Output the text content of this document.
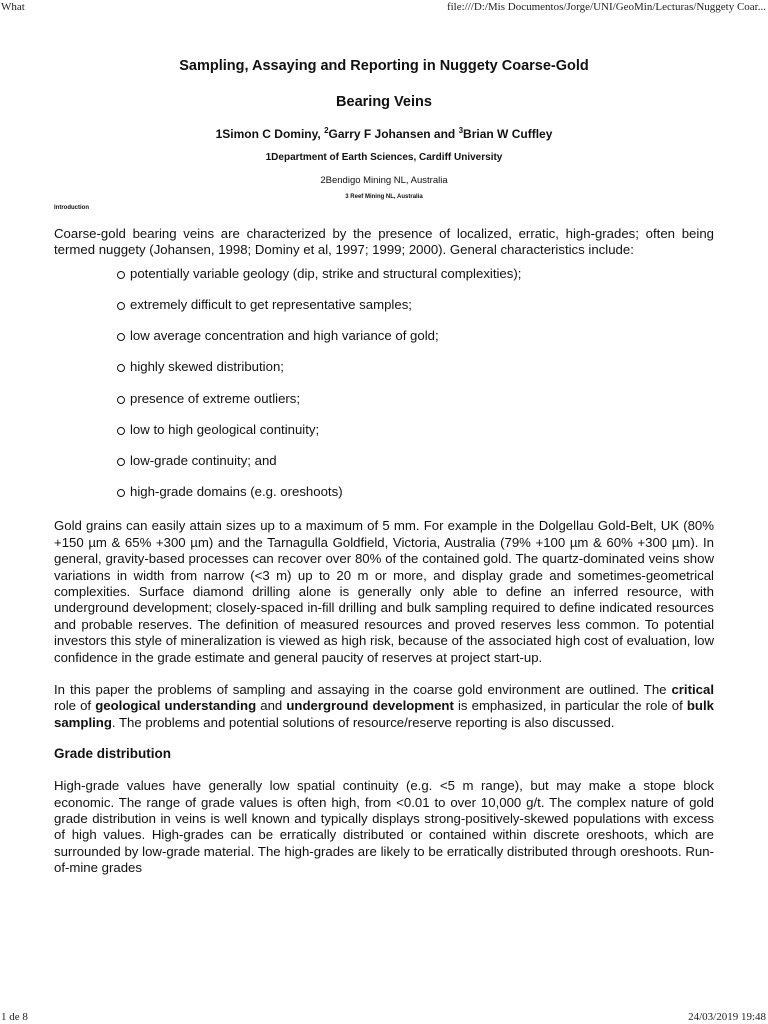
What	file:///D:/Mis Documentos/Jorge/UNI/GeoMin/Lecturas/Nuggety Coar...
Sampling, Assaying and Reporting in Nuggety Coarse-Gold
Bearing Veins
1Simon C Dominy, $^2$Garry F Johansen and $^3$Brian W Cuffley
1Department of Earth Sciences, Cardiff University
2Bendigo Mining NL, Australia
3 Reef Mining NL, Australia
Introduction

Coarse-gold bearing veins are characterized by the presence of localized, erratic, high-grades; often being termed nuggety (Johansen, 1998; Dominy et al, 1997; 1999; 2000). General characteristics include:

potentially variable geology (dip, strike and structural complexities);
extremely difficult to get representative samples;
low average concentration and high variance of gold;
highly skewed distribution;
presence of extreme outliers;
low to high geological continuity;
low-grade continuity; and
high-grade domains (e.g. oreshoots)

Gold grains can easily attain sizes up to a maximum of 5 mm. For example in the Dolgellau Gold-Belt, UK (80% +150 µm & 65% +300 µm) and the Tarnagulla Goldfield, Victoria, Australia (79% +100 µm & 60% +300 µm). In general, gravity-based processes can recover over 80% of the contained gold. The quartz-dominated veins show variations in width from narrow (<3 m) up to 20 m or more, and display grade and sometimes-geometrical complexities. Surface diamond drilling alone is generally only able to define an inferred resource, with underground development; closely-spaced in-fill drilling and bulk sampling required to define indicated resources and probable reserves. The definition of measured resources and proved reserves less common. To potential investors this style of mineralization is viewed as high risk, because of the associated high cost of evaluation, low confidence in the grade estimate and general paucity of reserves at project start-up.

In this paper the problems of sampling and assaying in the coarse gold environment are outlined. The critical role of geological understanding and underground development is emphasized, in particular the role of bulk sampling. The problems and potential solutions of resource/reserve reporting is also discussed.

Grade distribution

High-grade values have generally low spatial continuity (e.g. <5 m range), but may make a stope block economic. The range of grade values is often high, from <0.01 to over 10,000 g/t. The complex nature of gold grade distribution in veins is well known and typically displays strong-positively-skewed populations with excess of high values. High-grades can be erratically distributed or contained within discrete oreshoots, which are surrounded by low-grade material. The high-grades are likely to be erratically distributed through oreshoots. Run-of-mine grades

1 de 8	24/03/2019 19:48
